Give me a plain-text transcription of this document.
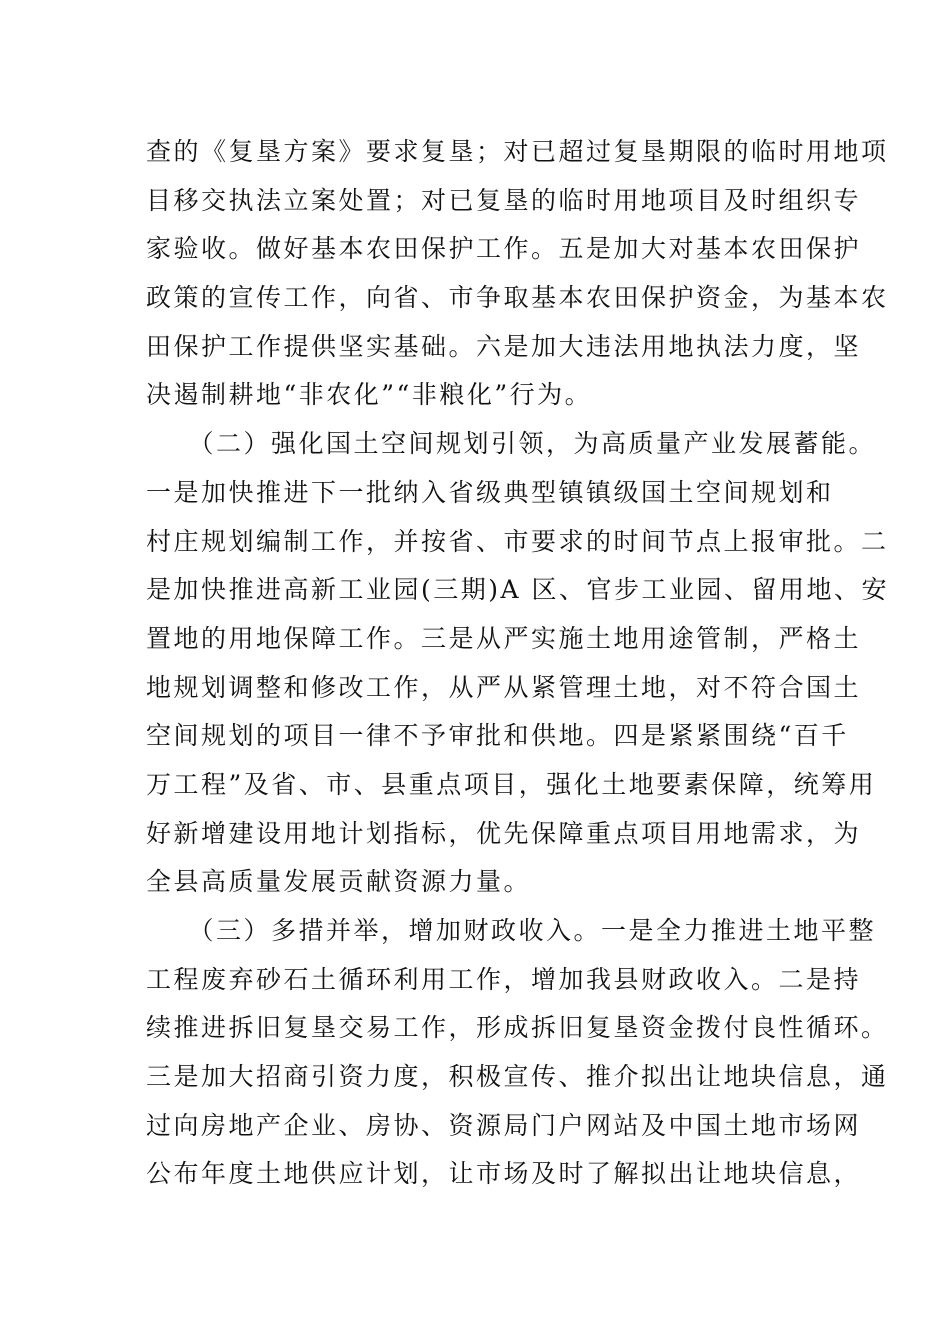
查的《复垦方案》要求复垦；对已超过复垦期限的临时用地项
目移交执法立案处置；对已复垦的临时用地项目及时组织专
家验收。做好基本农田保护工作。五是加大对基本农田保护
政策的宣传工作，向省、市争取基本农田保护资金，为基本农
田保护工作提供坚实基础。六是加大违法用地执法力度，坚
决遏制耕地“非农化”“非粮化”行为。
　　（二）强化国土空间规划引领，为高质量产业发展蓄能。
一是加快推进下一批纳入省级典型镇镇级国土空间规划和
村庄规划编制工作，并按省、市要求的时间节点上报审批。二
是加快推进高新工业园(三期)A 区、官步工业园、留用地、安
置地的用地保障工作。三是从严实施土地用途管制，严格土
地规划调整和修改工作，从严从紧管理土地，对不符合国土
空间规划的项目一律不予审批和供地。四是紧紧围绕“百千
万工程”及省、市、县重点项目，强化土地要素保障，统筹用
好新增建设用地计划指标，优先保障重点项目用地需求，为
全县高质量发展贡献资源力量。
　　（三）多措并举，增加财政收入。一是全力推进土地平整
工程废弃砂石土循环利用工作，增加我县财政收入。二是持
续推进拆旧复垦交易工作，形成拆旧复垦资金拨付良性循环。
三是加大招商引资力度，积极宣传、推介拟出让地块信息，通
过向房地产企业、房协、资源局门户网站及中国土地市场网
公布年度土地供应计划，让市场及时了解拟出让地块信息，
